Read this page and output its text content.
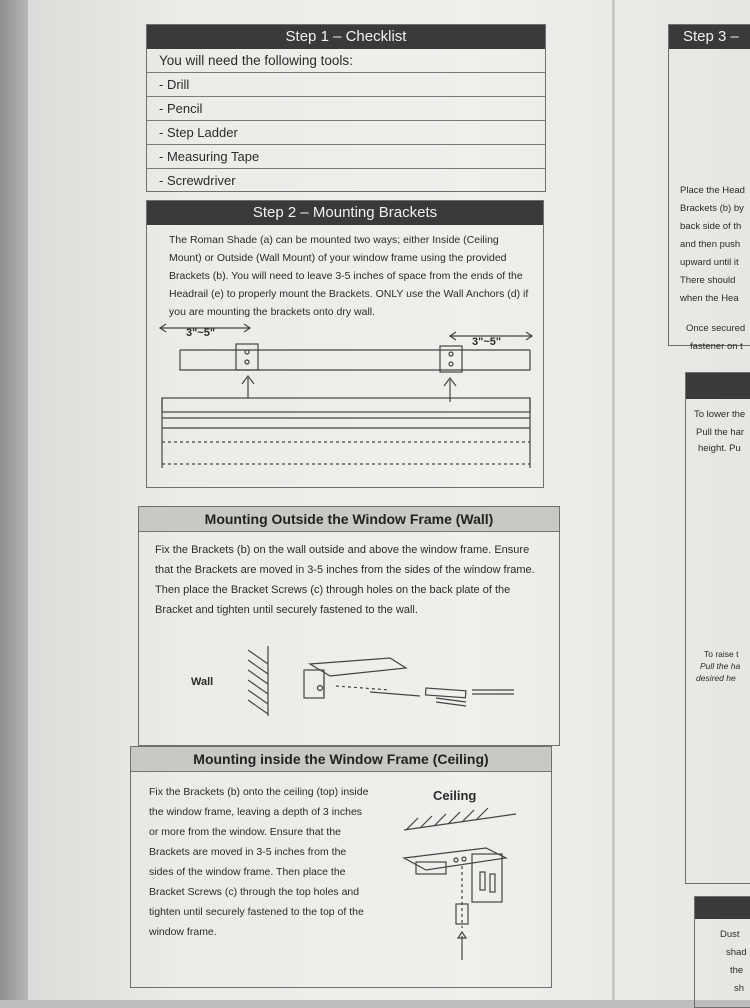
Step 1 – Checklist
You will need the following tools:
- Drill
- Pencil
- Step Ladder
- Measuring Tape
- Screwdriver
Step 2 – Mounting Brackets
The Roman Shade (a) can be mounted two ways; either Inside (Ceiling Mount) or Outside (Wall Mount) of your window frame using the provided Brackets (b). You will need to leave 3-5 inches of space from the ends of the Headrail (e) to properly mount the Brackets. ONLY use the Wall Anchors (d) if you are mounting the brackets onto dry wall.
3"~5"
3"~5"
Mounting Outside the Window Frame (Wall)
Fix the Brackets (b) on the wall outside and above the window frame. Ensure that the Brackets are moved in 3-5 inches from the sides of the window frame. Then place the Bracket Screws (c) through holes on the back plate of the Bracket and tighten until securely fastened to the wall.
Wall
Mounting inside the Window Frame (Ceiling)
Fix the Brackets (b) onto the ceiling (top) inside the window frame, leaving a depth of 3 inches or more from the window. Ensure that the Brackets are moved in 3-5 inches from the sides of the window frame. Then place the Bracket Screws (c) through the top holes and tighten until securely fastened to the top of the window frame.
Ceiling
Step 3 –
Place the Head
Brackets (b) by
back side of th
and then push
upward until it
There should
when the Hea
Once secured
fastener on t
To lower the
Pull the har
height. Pu
To raise t
Pull the ha
desired he
Dust
shad
the
sh
